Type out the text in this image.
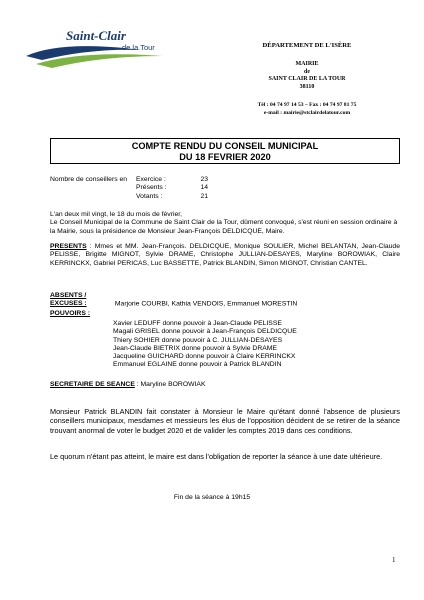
Saint-Clair
de la Tour	DÉPARTEMENT DE L'ISÈRE
MAIRIE
de
SAINT CLAIR DE LA TOUR
38110
Tél : 04 74 97 14 53 – Fax : 04 74 97 81 75
e-mail : mairie@stclairdelatour.com
COMPTE RENDU DU CONSEIL MUNICIPAL
DU 18 FEVRIER 2020
Nombre de conseillers en	Exercice :	23
	Présents :	14
	Votants :	21
L'an deux mil vingt, le 18 du mois de février,
Le Conseil Municipal de la Commune de Saint Clair de la Tour, dûment convoqué, s'est réuni en session ordinaire à la Mairie, sous la présidence de Monsieur Jean-François DELDICQUE, Maire.
PRESENTS : Mmes et MM. Jean-François. DELDICQUE, Monique SOULIER, Michel BELANTAN, Jean-Claude PELISSE, Brigitte MIGNOT, Sylvie DRAME, Christophe JULLIAN-DESAYES, Maryline BOROWIAK, Claire KERRINCKX, Gabriel PERICAS, Luc BASSETTE, Patrick BLANDIN, Simon MIGNOT, Christian CANTEL.
ABSENTS / EXCUSES :	Marjorie COURBI, Kathia VENDOIS, Emmanuel MORESTIN
POUVOIRS :
Xavier LEDUFF donne pouvoir à Jean-Claude PELISSE
Magali GRISEL donne pouvoir à Jean-François DELDICQUE
Thiery SOHIER donne pouvoir à C. JULLIAN-DESAYES
Jean-Claude BIETRIX donne pouvoir à Sylvie DRAME
Jacqueline GUICHARD donne pouvoir à Claire KERRINCKX
Emmanuel EGLAINE donne pouvoir à Patrick BLANDIN
SECRETAIRE DE SEANCE : Maryline BOROWIAK
Monsieur Patrick BLANDIN fait constater à Monsieur le Maire qu'étant donné l'absence de plusieurs conseillers municipaux, mesdames et messieurs les élus de l'opposition décident de se retirer de la séance trouvant anormal de voter le budget 2020 et de valider les comptes 2019 dans ces conditions.
Le quorum n'étant pas atteint, le maire est dans l'obligation de reporter la séance à une date ultérieure.
Fin de la séance à 19h15
1
